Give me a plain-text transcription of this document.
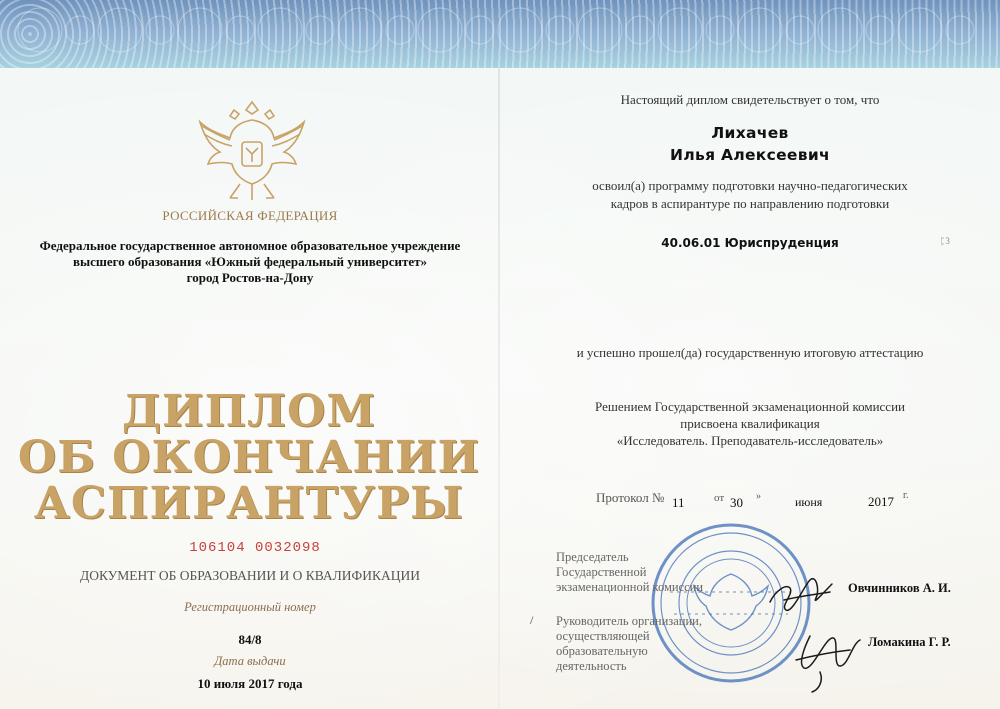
РОССИЙСКАЯ ФЕДЕРАЦИЯ
Федеральное государственное автономное образовательное учреждение
высшего образования «Южный федеральный университет»
город Ростов-на-Дону
ДИПЛОМ
ОБ ОКОНЧАНИИ
АСПИРАНТУРЫ
106104 0032098
ДОКУМЕНТ ОБ ОБРАЗОВАНИИ И О КВАЛИФИКАЦИИ
Регистрационный номер
84/8
Дата выдачи
10 июля 2017 года
Настоящий диплом свидетельствует о том, что
Лихачев
Илья Алексеевич
освоил(а) программу подготовки научно-педагогических
кадров в аспирантуре по направлению подготовки
40.06.01 Юриспруденция	ᛈ3
и успешно прошел(да) государственную итоговую аттестацию
Решением Государственной экзаменационной комиссии
присвоена квалификация
«Исследователь. Преподаватель-исследователь»
Протокол № 11	от 30 »	июня	2017 г.
Председатель
Государственной
экзаменационной комиссии	Овчинников А. И.
/ Руководитель организации,
осуществляющей образовательную
деятельность
Ломакина Г. Р.
